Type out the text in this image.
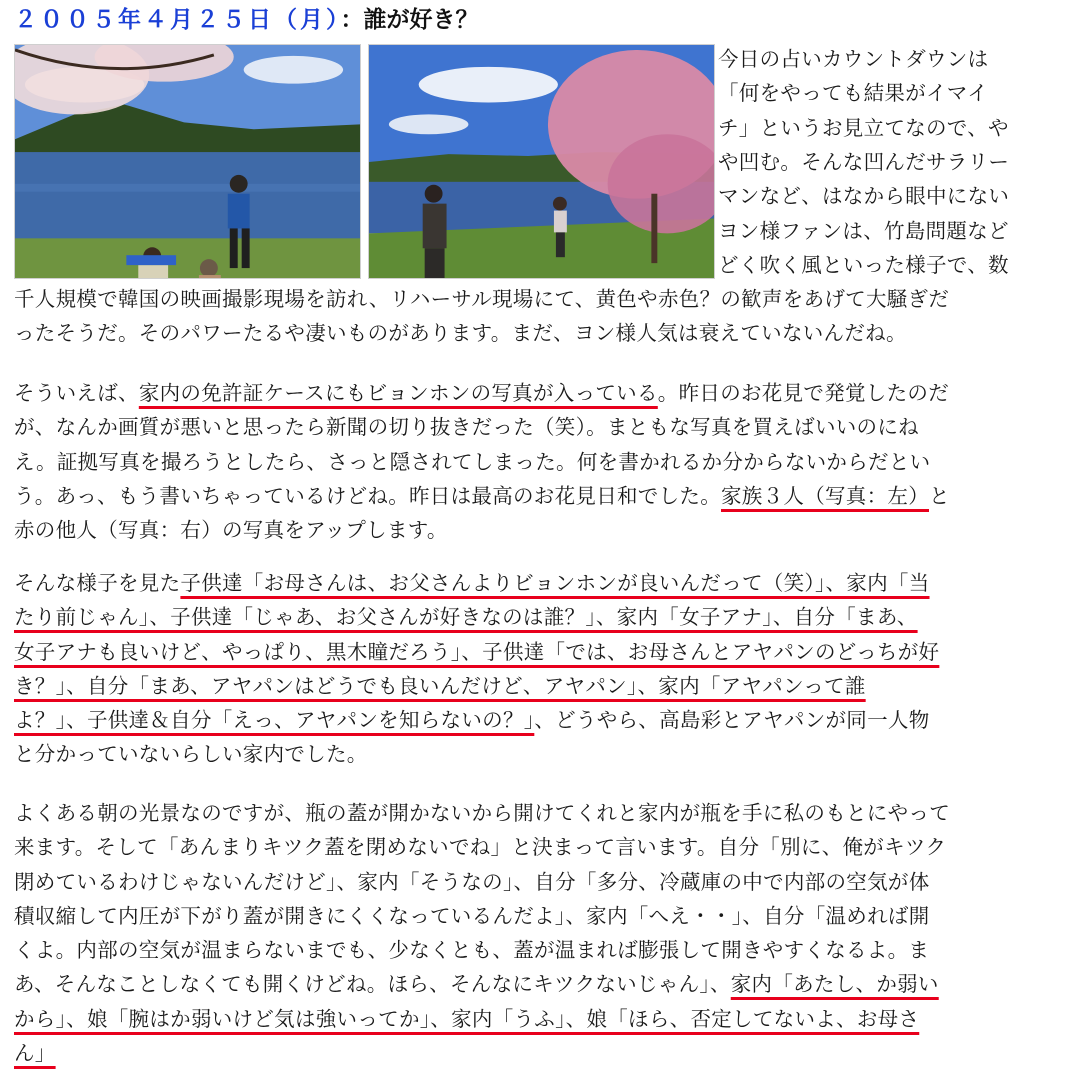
２００５年４月２５日（月）：誰が好き？
今日の占いカウントダウンは
「何をやっても結果がイマイ
チ」というお見立てなので、や
や凹む。そんな凹んだサラリー
マンなど、はなから眼中にない
ヨン様ファンは、竹島問題など
どく吹く風といった様子で、数
千人規模で韓国の映画撮影現場を訪れ、リハーサル現場にて、黄色や赤色？の歓声をあげて大騒ぎだ
ったそうだ。そのパワーたるや凄いものがあります。まだ、ヨン様人気は衰えていないんだね。
そういえば、家内の免許証ケースにもビョンホンの写真が入っている。昨日のお花見で発覚したのだ
が、なんか画質が悪いと思ったら新聞の切り抜きだった（笑）。まともな写真を買えばいいのにね
え。証拠写真を撮ろうとしたら、さっと隠されてしまった。何を書かれるか分からないからだとい
う。あっ、もう書いちゃっているけどね。昨日は最高のお花見日和でした。家族３人（写真：左）と
赤の他人（写真：右）の写真をアップします。
そんな様子を見た子供達「お母さんは、お父さんよりビョンホンが良いんだって（笑）」、家内「当
たり前じゃん」、子供達「じゃあ、お父さんが好きなのは誰？」、家内「女子アナ」、自分「まあ、
女子アナも良いけど、やっぱり、黒木瞳だろう」、子供達「では、お母さんとアヤパンのどっちが好
き？」、自分「まあ、アヤパンはどうでも良いんだけど、アヤパン」、家内「アヤパンって誰
よ？」、子供達＆自分「えっ、アヤパンを知らないの？」、どうやら、高島彩とアヤパンが同一人物
と分かっていないらしい家内でした。
よくある朝の光景なのですが、瓶の蓋が開かないから開けてくれと家内が瓶を手に私のもとにやって
来ます。そして「あんまりキツク蓋を閉めないでね」と決まって言います。自分「別に、俺がキツク
閉めているわけじゃないんだけど」、家内「そうなの」、自分「多分、冷蔵庫の中で内部の空気が体
積収縮して内圧が下がり蓋が開きにくくなっているんだよ」、家内「へえ・・」、自分「温めれば開
くよ。内部の空気が温まらないまでも、少なくとも、蓋が温まれば膨張して開きやすくなるよ。ま
あ、そんなことしなくても開くけどね。ほら、そんなにキツクないじゃん」、家内「あたし、か弱い
から」、娘「腕はか弱いけど気は強いってか」、家内「うふ」、娘「ほら、否定してないよ、お母さ
ん」
